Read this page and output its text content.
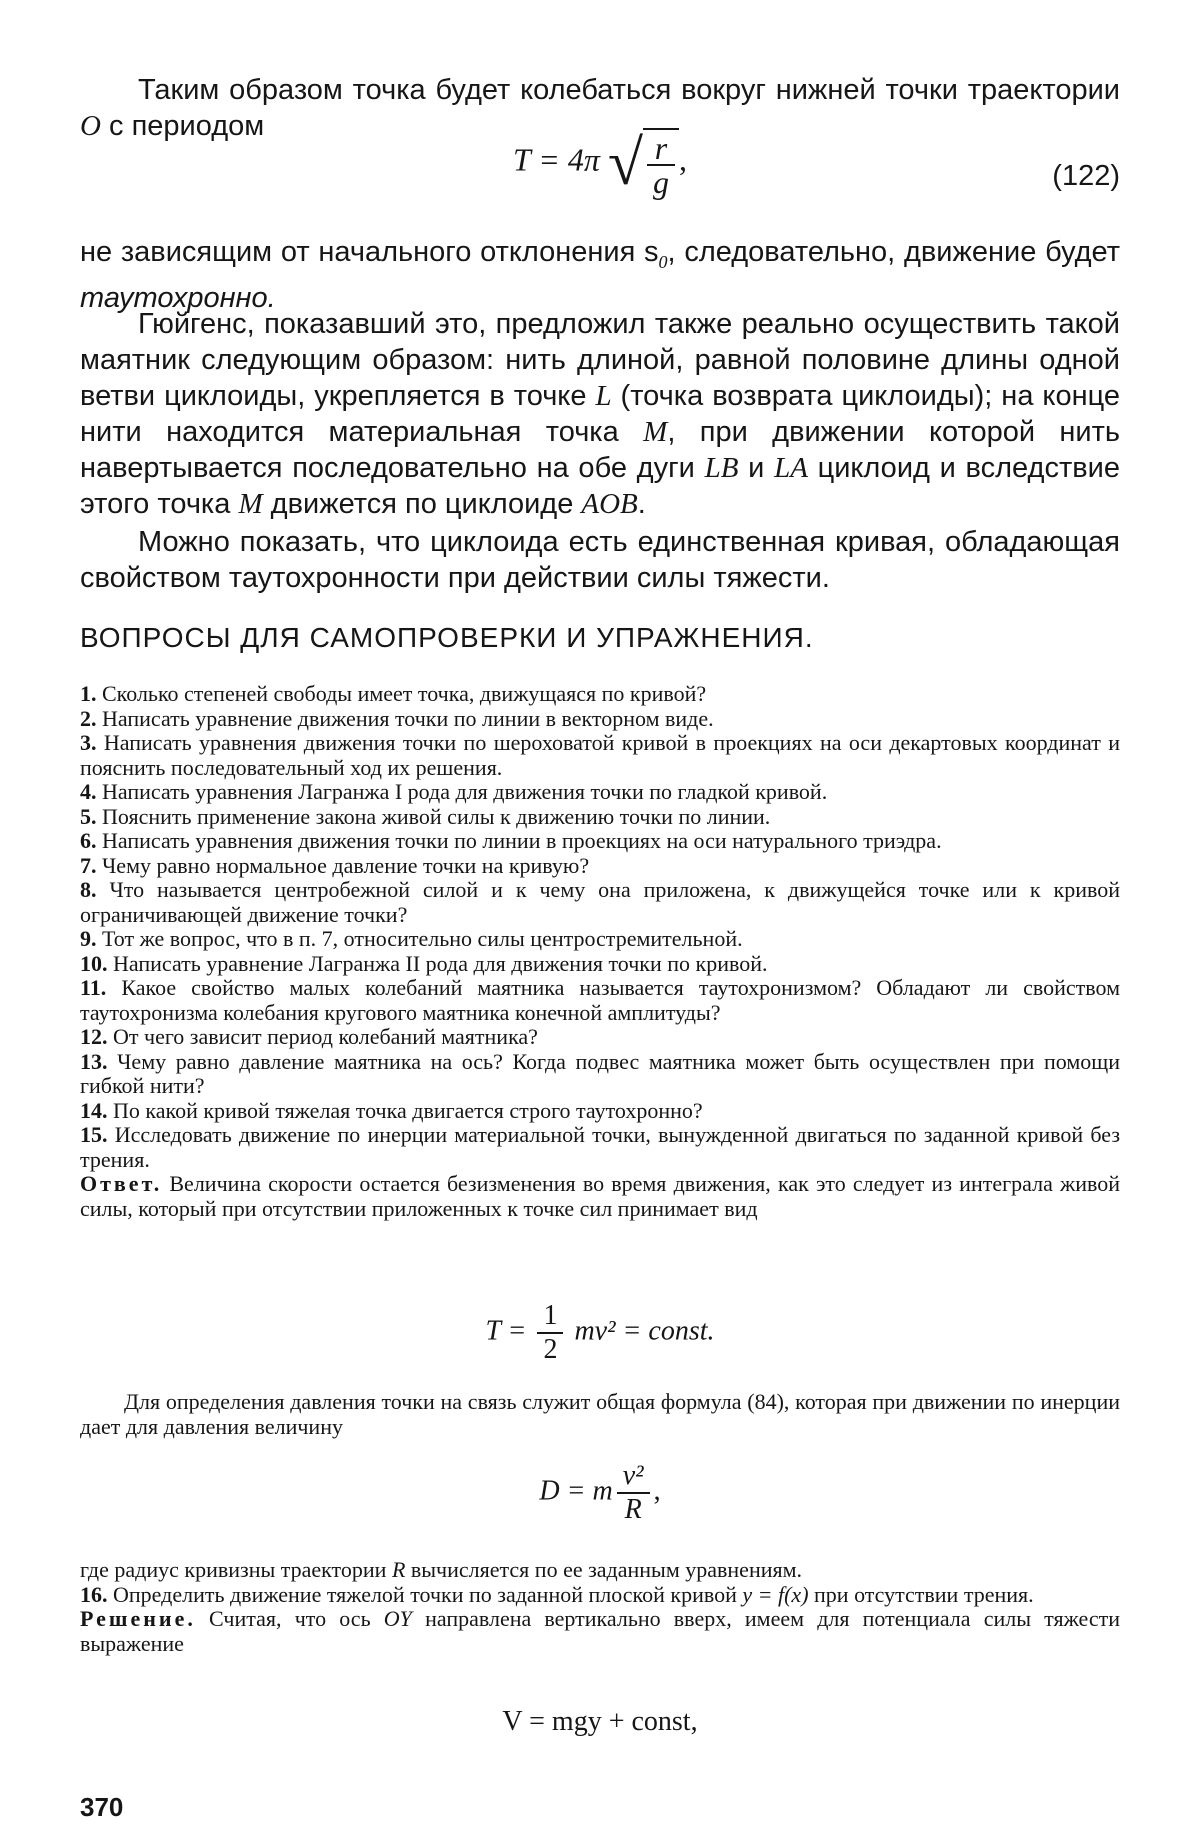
Таким образом точка будет колебаться вокруг нижней точки траектории O с периодом

T = 4π √ $\frac{r}{g}$ ,	(122)

не зависящим от начального отклонения $s_0$, следовательно, движение будет таутохронно.

Гюйгенс, показавший это, предложил также реально осуществить такой маятник следующим образом: нить длиной, равной половине длины одной ветви циклоиды, укрепляется в точке L (точка возврата циклоиды); на конце нити находится материальная точка M, при движении которой нить навертывается последовательно на обе дуги LB и LA циклоид и вследствие этого точка M движется по циклоиде AOB.

Можно показать, что циклоида есть единственная кривая, обладающая свойством таутохронности при действии силы тяжести.

ВОПРОСЫ ДЛЯ САМОПРОВЕРКИ И УПРАЖНЕНИЯ.
1. Сколько степеней свободы имеет точка, движущаяся по кривой?
2. Написать уравнение движения точки по линии в векторном виде.
3. Написать уравнения движения точки по шероховатой кривой в проекциях на оси декартовых координат и пояснить последовательный ход их решения.
4. Написать уравнения Лагранжа I рода для движения точки по гладкой кривой.
5. Пояснить применение закона живой силы к движению точки по линии.
6. Написать уравнения движения точки по линии в проекциях на оси натурального триэдра.
7. Чему равно нормальное давление точки на кривую?
8. Что называется центробежной силой и к чему она приложена, к движущейся точке или к кривой ограничивающей движение точки?
9. Тот же вопрос, что в п. 7, относительно силы центростремительной.
10. Написать уравнение Лагранжа II рода для движения точки по кривой.
11. Какое свойство малых колебаний маятника называется таутохронизмом? Обладают ли свойством таутохронизма колебания кругового маятника конечной амплитуды?
12. От чего зависит период колебаний маятника?
13. Чему равно давление маятника на ось? Когда подвес маятника может быть осуществлен при помощи гибкой нити?
14. По какой кривой тяжелая точка двигается строго таутохронно?
15. Исследовать движение по инерции материальной точки, вынужденной двигаться по заданной кривой без трения.
Ответ. Величина скорости остается безизменения во время движения, как это следует из интеграла живой силы, который при отсутствии приложенных к точке сил принимает вид
$T = \frac{1}{2} mv^2$ = const.

Для определения давления точки на связь служит общая формула (84), которая при движении по инерции дает для давления величину

D = m $\frac{\text{v²}}{R}$ ,
где радиус кривизны траектории R вычисляется по ее заданным уравнениям.
16. Определить движение тяжелой точки по заданной плоской кривой y = f(x) при отсутствии трения.
Решение. Считая, что ось OY направлена вертикально вверх, имеем для потенциала силы тяжести выражение
V = mgy + const,
370
